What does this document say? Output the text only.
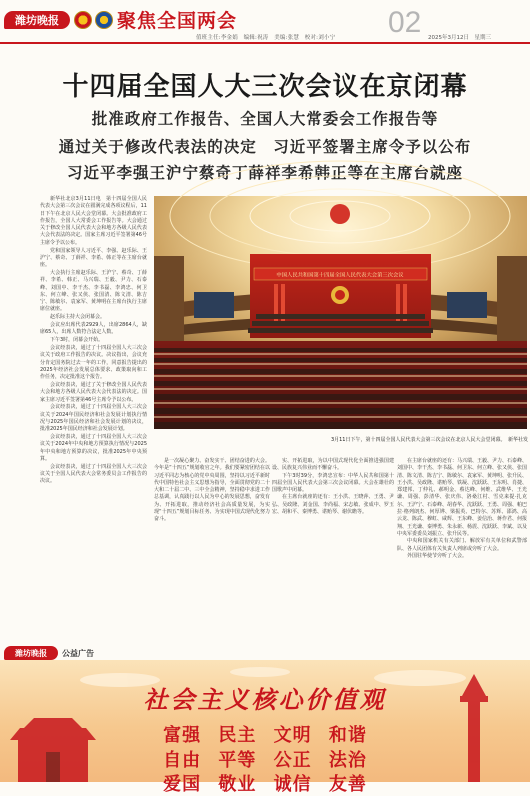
潍坊晚报	聚焦全国两会	02
值班主任:李金娟　编辑:祝涛　美编:张慧　校对:刘小宁	2025年3月12日　星期三
十四届全国人大三次会议在京闭幕
批准政府工作报告、全国人大常委会工作报告等
通过关于修改代表法的决定　习近平签署主席令予以公布
习近平李强王沪宁蔡奇丁薛祥李希韩正等在主席台就座

新华社北京3月11日电　第十四届全国人民代表大会第三次会议在圆满完成各项议程后，11日下午在北京人民大会堂闭幕。大会批准政府工作报告，全国人大常委会工作报告等。大会通过关于修改全国人民代表大会和地方各级人民代表大会代表法的决定。国家主席习近平签署第46号主席令予以公布。

党和国家领导人习近平、李强、赵乐际、王沪宁、蔡奇、丁薛祥、李希、韩正等在主席台就座。

大会执行主席赵乐际、王沪宁、蔡奇、丁薛祥、李希、韩正、马兴瑞、王毅、尹力、石泰峰、刘国中、李干杰、李书磊、李鸿忠、何卫东、何立峰、张又侠、张国清、陈文清、陈吉宁、陈敏尔、袁家军、黄坤明在主席台执行主席席位就座。

赵乐际主持大会闭幕会。

会议应出席代表2929人，出席2864人，缺席65人，出席人数符合法定人数。

下午3时，闭幕会开始。

会议经表决，通过了十四届全国人大三次会议关于政府工作报告的决议。决议指出，会议充分肯定国务院过去一年的工作，同意报告提出的2025年经济社会发展总体要求、政策取向和工作任务，决定批准这个报告。

会议经表决，通过了关于修改全国人民代表大会和地方各级人民代表大会代表法的决定。国家主席习近平签署第46号主席令予以公布。

会议经表决，通过了十四届全国人大三次会议关于2024年国民经济和社会发展计划执行情况与2025年国民经济和社会发展计划的决议，批准2025年国民经济和社会发展计划。

会议经表决，通过了十四届全国人大三次会议关于2024年中央和地方预算执行情况与2025年中央和地方预算的决议，批准2025年中央预算。

会议经表决，通过了十四届全国人大三次会议关于全国人民代表大会常务委员会工作报告的决议。

中国人民共和国第十四届全国人民代表大会第三次会议
3月11日下午，第十四届全国人民代表大会第三次会议在北京人民大会堂闭幕。　新华社发

是一次凝心聚力、奋发实干、团结奋进的大会。今年是“十四五”规划收官之年。我们要紧密团结在以习近平同志为核心的党中央周围，坚持以习近平新时代中国特色社会主义思想为指导，全面贯彻党的二十大和二十届二中、三中全会精神，坚持稳中求进工作总基调，认真践行以人民为中心的发展思想，奋发有为、开拓进取，推动经济社会高质量发展，为实现“十四五”规划目标任务、为实现中国式现代化努力奋斗。

实、开拓进取，为以中国式现代化全面推进强国建设、民族复兴伟业而不懈奋斗。

下午3时39分，李鸿忠宣布：中华人民共和国第十四届全国人民代表大会第三次会议闭幕。大会在雄壮的国歌声中闭幕。

在主席台就座的还有：王小洪、王晓萍、王勇、尹弘、吴政隆、刘金国、李尚福、宋志敏、张成中、罗玉宏、胡和平、秦博勇、谌贻琴、谢伏瞻等。

在主席台就座的还有：马兴瑞、王毅、尹力、石泰峰、刘国中、李干杰、李书磊、何卫东、何立峰、张又侠、张国清、陈文清、陈吉宁、陈敏尔、袁家军、黄坤明、张升民、王小洪、吴政隆、谌贻琴、铁凝、沈跃跃、王东明、肖捷、郑建邦、丁仲礼、郝明金、蔡达峰、何维、武维华、王光谦、周强、彭清华、张庆伟、洛桑江村、雪克来提·扎克尔、王沪宁、石泰峰、胡春华、沈跃跃、王勇、周强、帕巴拉·格列朗杰、何厚铧、梁振英、巴特尔、苏辉、邵鸿、高云龙、陈武、穆虹、咸辉、王东峰、姜信治、蒋作君、何报翔、王光谦、秦博勇、朱永新、杨震、沈跃跃、李斌、以及中央军委委员刘振立、张升民等。

中央和国家机关有关部门、解放军有关单位和武警部队、各人民团体有关负责人列席或旁听了大会。

外国驻华使节旁听了大会。

潍坊晚报	公益广告
社会主义核心价值观
富强 民主 文明 和谐
自由 平等 公正 法治
爱国 敬业 诚信 友善
